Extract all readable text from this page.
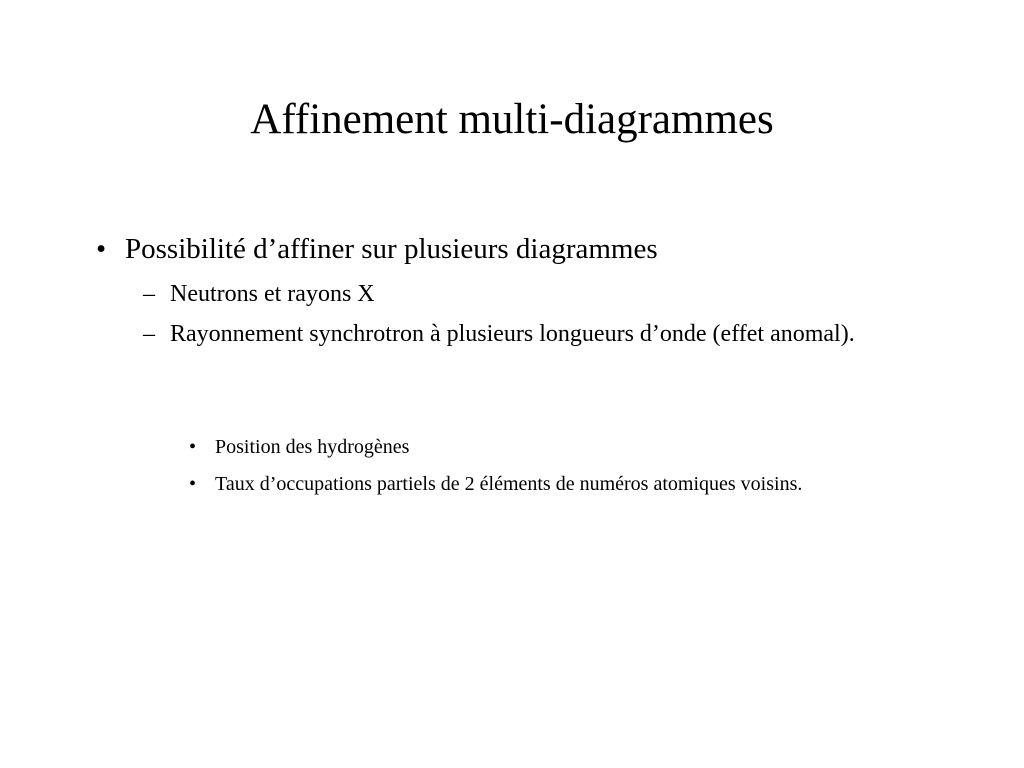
Affinement multi-diagrammes
• Possibilité d’affiner sur plusieurs diagrammes
– Neutrons et rayons X
– Rayonnement synchrotron à plusieurs longueurs d’onde (effet anomal).
• Position des hydrogènes
• Taux d’occupations partiels de 2 éléments de numéros atomiques voisins.
